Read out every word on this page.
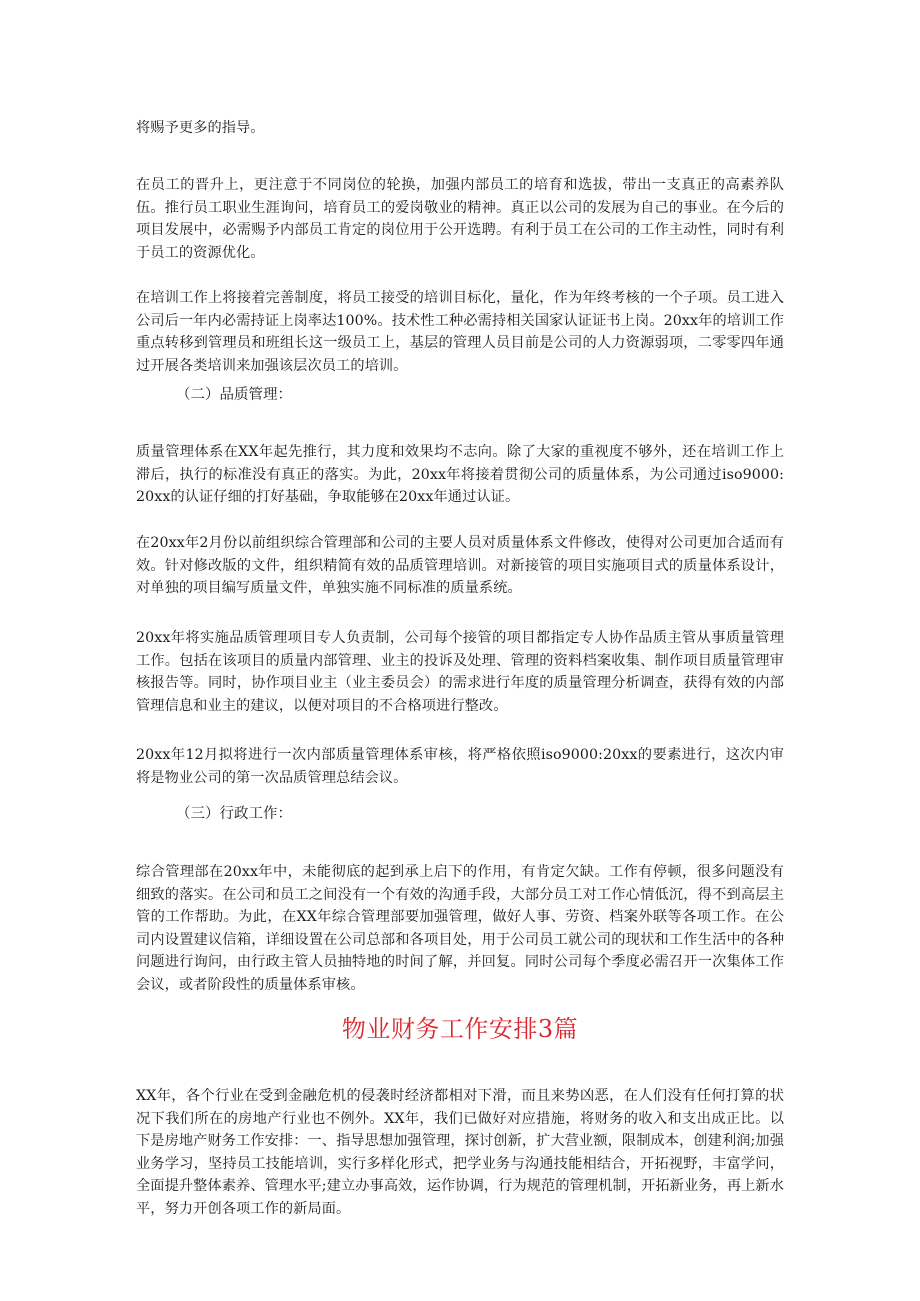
将赐予更多的指导。

在员工的晋升上，更注意于不同岗位的轮换，加强内部员工的培育和选拔，带出一支真正的高素养队伍。推行员工职业生涯询问，培育员工的爱岗敬业的精神。真正以公司的发展为自己的事业。在今后的项目发展中，必需赐予内部员工肯定的岗位用于公开选聘。有利于员工在公司的工作主动性，同时有利于员工的资源优化。

在培训工作上将接着完善制度，将员工接受的培训目标化，量化，作为年终考核的一个子项。员工进入公司后一年内必需持证上岗率达100%。技术性工种必需持相关国家认证证书上岗。20xx年的培训工作重点转移到管理员和班组长这一级员工上，基层的管理人员目前是公司的人力资源弱项，二零零四年通过开展各类培训来加强该层次员工的培训。

（二）品质管理：

质量管理体系在XX年起先推行，其力度和效果均不志向。除了大家的重视度不够外，还在培训工作上滞后，执行的标准没有真正的落实。为此，20xx年将接着贯彻公司的质量体系，为公司通过iso9000:20xx的认证仔细的打好基础，争取能够在20xx年通过认证。

在20xx年2月份以前组织综合管理部和公司的主要人员对质量体系文件修改，使得对公司更加合适而有效。针对修改版的文件，组织精简有效的品质管理培训。对新接管的项目实施项目式的质量体系设计，对单独的项目编写质量文件，单独实施不同标准的质量系统。

20xx年将实施品质管理项目专人负责制，公司每个接管的项目都指定专人协作品质主管从事质量管理工作。包括在该项目的质量内部管理、业主的投诉及处理、管理的资料档案收集、制作项目质量管理审核报告等。同时，协作项目业主（业主委员会）的需求进行年度的质量管理分析调查，获得有效的内部管理信息和业主的建议，以便对项目的不合格项进行整改。

20xx年12月拟将进行一次内部质量管理体系审核，将严格依照iso9000:20xx的要素进行，这次内审将是物业公司的第一次品质管理总结会议。

（三）行政工作：

综合管理部在20xx年中，未能彻底的起到承上启下的作用，有肯定欠缺。工作有停顿，很多问题没有细致的落实。在公司和员工之间没有一个有效的沟通手段，大部分员工对工作心情低沉，得不到高层主管的工作帮助。为此，在XX年综合管理部要加强管理，做好人事、劳资、档案外联等各项工作。在公司内设置建议信箱，详细设置在公司总部和各项目处，用于公司员工就公司的现状和工作生活中的各种问题进行询问，由行政主管人员抽特地的时间了解，并回复。同时公司每个季度必需召开一次集体工作会议，或者阶段性的质量体系审核。

物业财务工作安排3篇

XX年，各个行业在受到金融危机的侵袭时经济都相对下滑，而且来势凶恶，在人们没有任何打算的状况下我们所在的房地产行业也不例外。XX年，我们已做好对应措施，将财务的收入和支出成正比。以下是房地产财务工作安排：一、指导思想加强管理，探讨创新，扩大营业额，限制成本，创建利润;加强业务学习，坚持员工技能培训，实行多样化形式，把学业务与沟通技能相结合，开拓视野，丰富学问，全面提升整体素养、管理水平;建立办事高效，运作协调，行为规范的管理机制，开拓新业务，再上新水平，努力开创各项工作的新局面。
